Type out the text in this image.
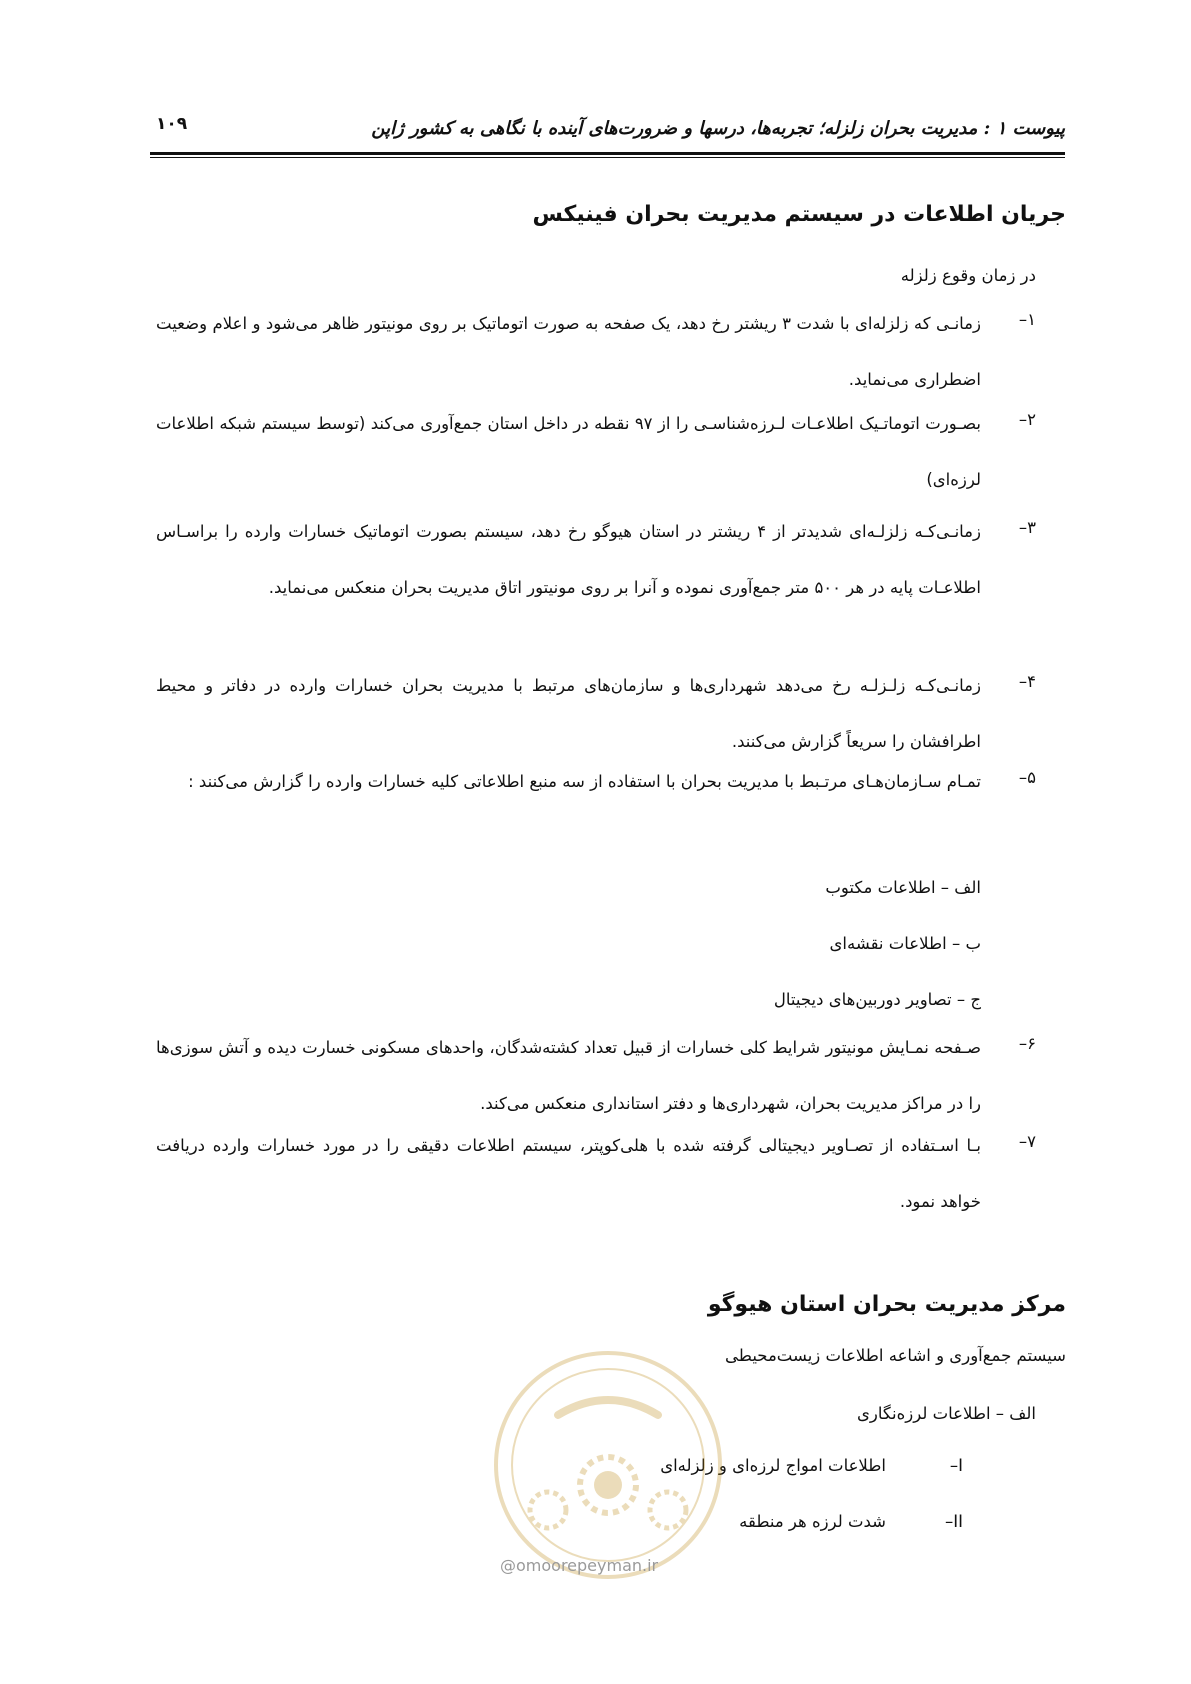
۱۰۹	پیوست ۱ : مدیریت بحران زلزله؛ تجربه‌ها، درسها و ضرورت‌های آینده با نگاهی به کشور ژاپن
جریان اطلاعات در سیستم مدیریت بحران فینیکس
در زمان وقوع زلزله
۱–
زمانـی که زلزله‌ای با شدت ۳ ریشتر رخ دهد، یک صفحه به صورت اتوماتیک بر روی مونیتور ظاهر می‌شود و اعلام وضعیت اضطراری می‌نماید.
۲–
بصـورت اتوماتـیک اطلاعـات لـرزه‌شناسـی را از ۹۷ نقطه در داخل استان جمع‌آوری می‌کند (توسط سیستم شبکه اطلاعات لرزه‌ای)
۳–
زمانـی‌کـه زلزلـه‌ای شدیدتر از ۴ ریشتر در استان هیوگو رخ دهد، سیستم بصورت اتوماتیک خسارات وارده را براسـاس اطلاعـات پایه در هر ۵۰۰ متر جمع‌آوری نموده و آنرا بر روی مونیتور اتاق مدیریت بحران منعکس می‌نماید.
۴–
زمانـی‌کـه زلـزلـه رخ می‌دهد شهرداری‌ها و سازمان‌های مرتبط با مدیریت بحران خسارات وارده در دفاتر و محیط اطرافشان را سریعاً گزارش می‌کنند.
۵–
تمـام سـازمان‌هـای مرتـبط با مدیریت بحران با استفاده از سه منبع اطلاعاتی کلیه خسارات وارده را گزارش می‌کنند :
الف – اطلاعات مکتوب
ب – اطلاعات نقشه‌ای
ج – تصاویر دوربین‌های دیجیتال
۶–
صـفحه نمـایش مونیتور شرایط کلی خسارات از قبیل تعداد کشته‌شدگان، واحدهای مسکونی خسارت دیده و آتش سوزی‌ها را در مراکز مدیریت بحران، شهرداری‌ها و دفتر استانداری منعکس می‌کند.
۷–
بـا اسـتفاده از تصـاویر دیجیتالی گرفته شده با هلی‌کوپتر، سیستم اطلاعات دقیقی را در مورد خسارات وارده دریافت خواهد نمود.
مرکز مدیریت بحران استان هیوگو
سیستم جمع‌آوری و اشاعه اطلاعات زیست‌محیطی
الف – اطلاعات لرزه‌نگاری
I–
اطلاعات امواج لرزه‌ای و زلزله‌ای
II–
شدت لرزه هر منطقه
@omoorepeyman.ir
